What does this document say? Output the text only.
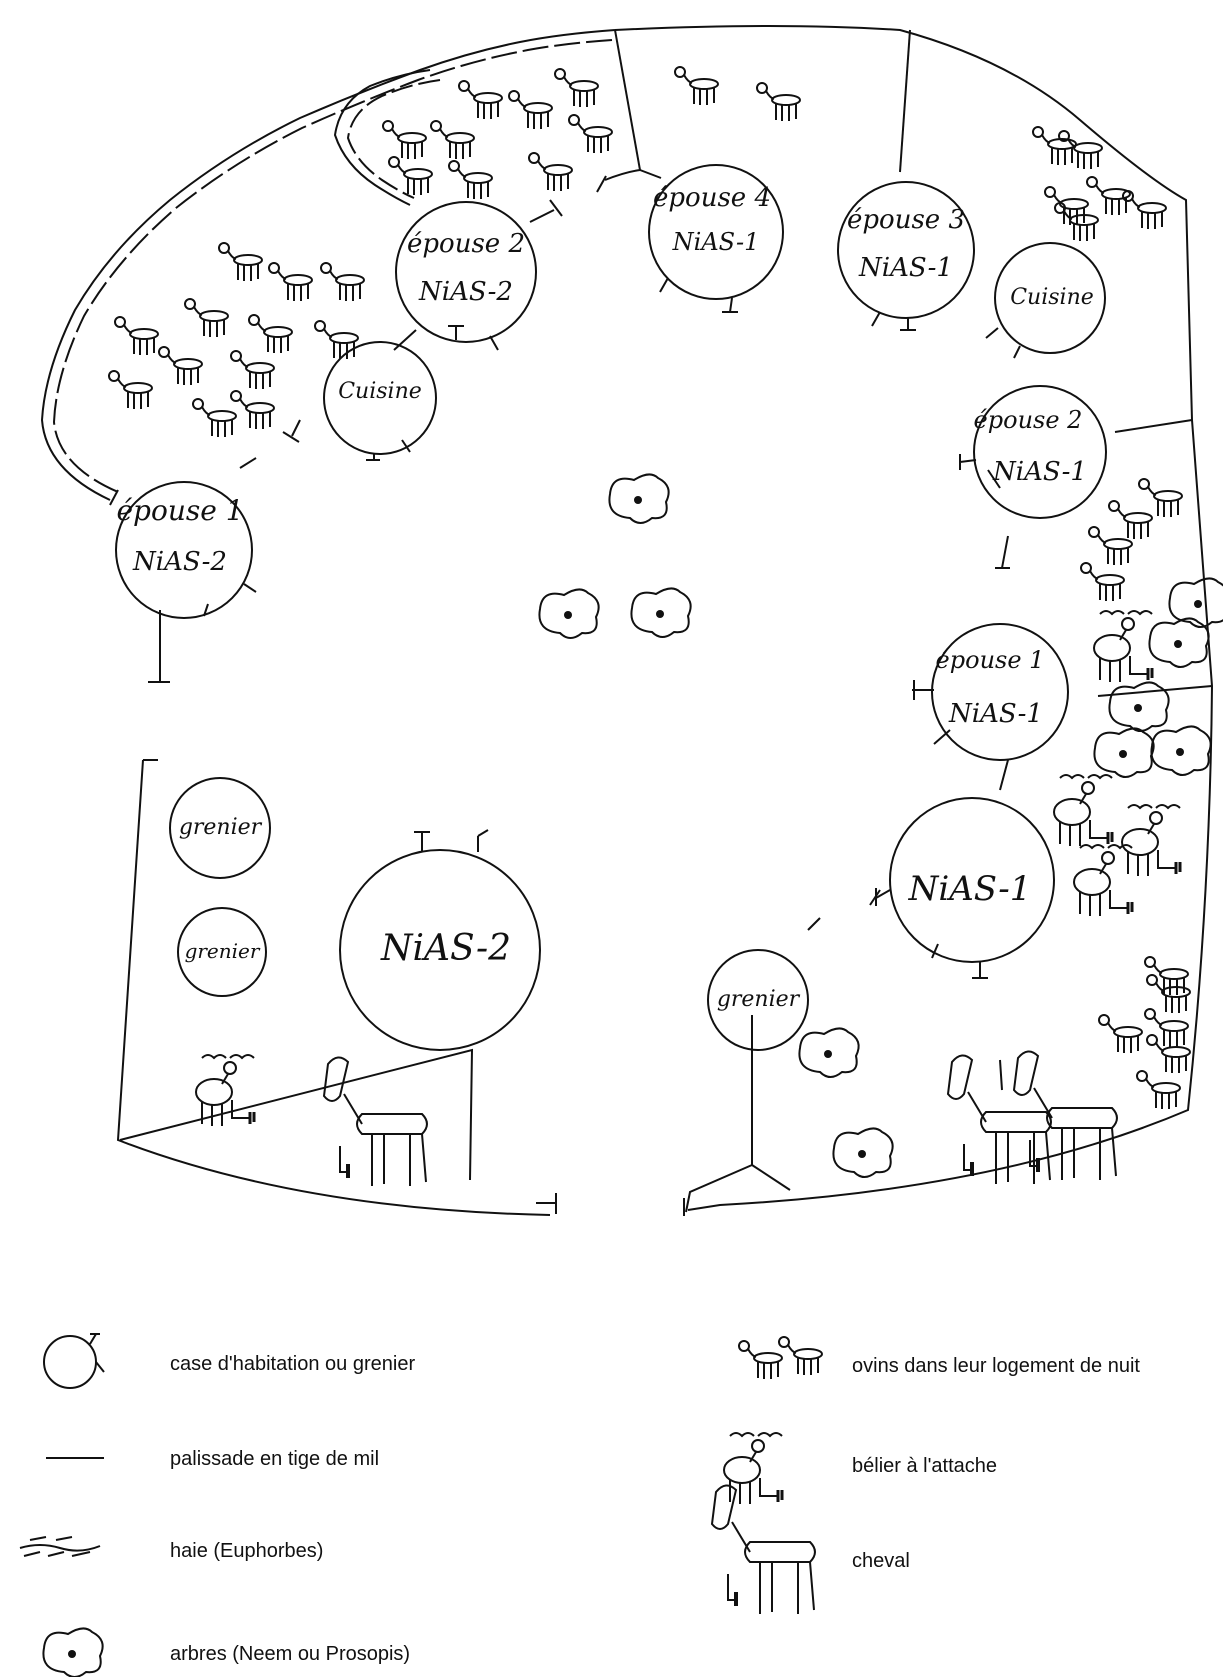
épouse 1
NiAS-2
épouse 2
NiAS-2
Cuisine
épouse 4
NiAS-1
épouse 3
NiAS-1
Cuisine
épouse 2
NiAS-1
épouse 1
NiAS-1
NiAS-1
NiAS-2
grenier
grenier
grenier
case d'habitation ou grenier
palissade en tige de mil
haie (Euphorbes)
arbres (Neem ou Prosopis)
ovins dans leur logement de nuit
bélier à l'attache
cheval
